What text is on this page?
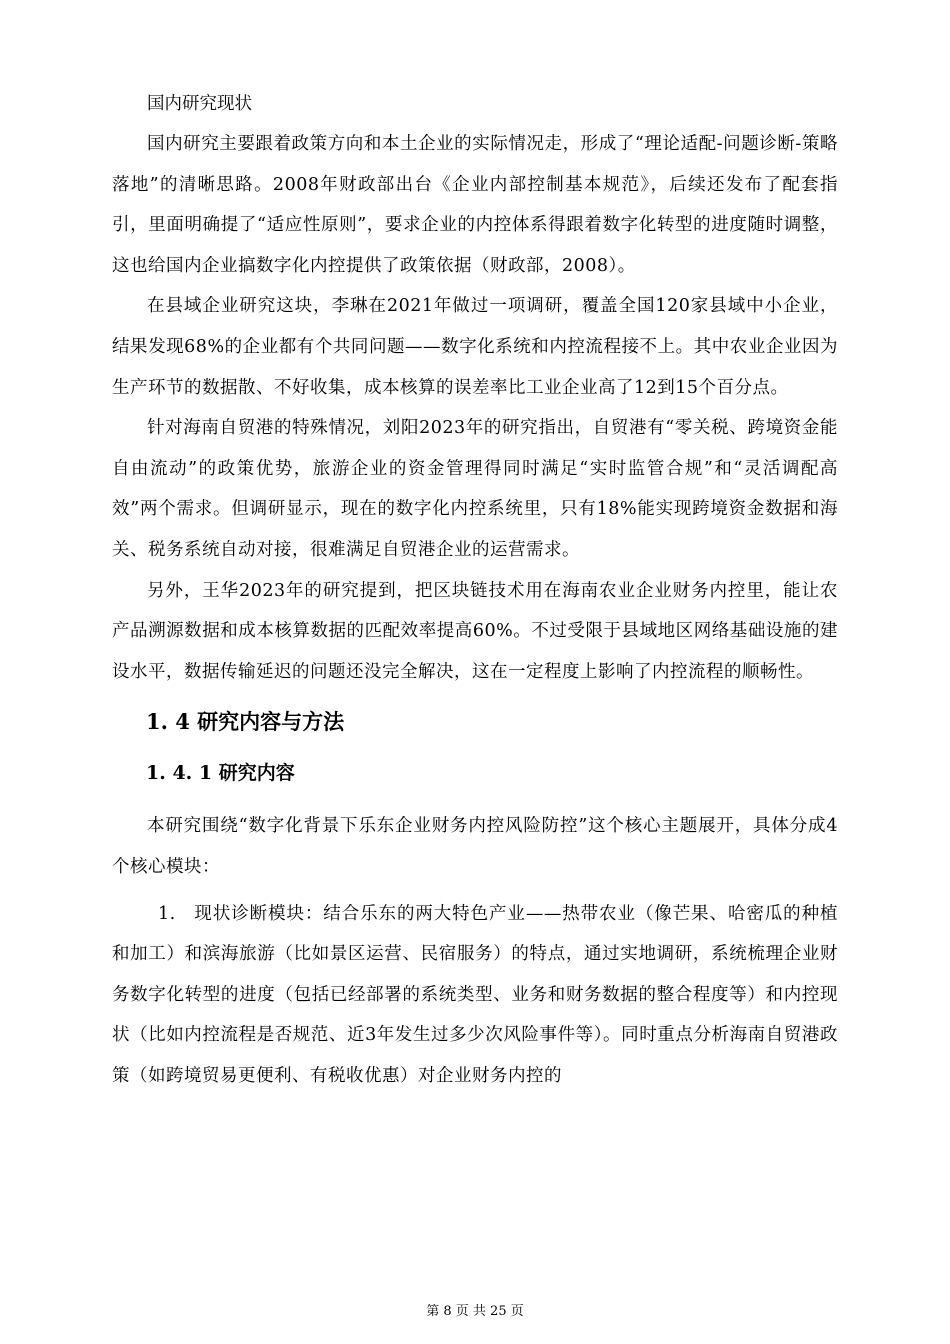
国内研究现状

国内研究主要跟着政策方向和本土企业的实际情况走，形成了“理论适配-问题诊断-策略落地”的清晰思路。2008年财政部出台《企业内部控制基本规范》，后续还发布了配套指引，里面明确提了“适应性原则”，要求企业的内控体系得跟着数字化转型的进度随时调整，这也给国内企业搞数字化内控提供了政策依据（财政部，2008）。

在县域企业研究这块，李琳在2021年做过一项调研，覆盖全国120家县域中小企业，结果发现68%的企业都有个共同问题——数字化系统和内控流程接不上。其中农业企业因为生产环节的数据散、不好收集，成本核算的误差率比工业企业高了12到15个百分点。

针对海南自贸港的特殊情况，刘阳2023年的研究指出，自贸港有“零关税、跨境资金能自由流动”的政策优势，旅游企业的资金管理得同时满足“实时监管合规”和“灵活调配高效”两个需求。但调研显示，现在的数字化内控系统里，只有18%能实现跨境资金数据和海关、税务系统自动对接，很难满足自贸港企业的运营需求。

另外，王华2023年的研究提到，把区块链技术用在海南农业企业财务内控里，能让农产品溯源数据和成本核算数据的匹配效率提高60%。不过受限于县域地区网络基础设施的建设水平，数据传输延迟的问题还没完全解决，这在一定程度上影响了内控流程的顺畅性。

1. 4 研究内容与方法
1. 4. 1 研究内容

本研究围绕“数字化背景下乐东企业财务内控风险防控”这个核心主题展开，具体分成4个核心模块：

1. 现状诊断模块：结合乐东的两大特色产业——热带农业（像芒果、哈密瓜的种植和加工）和滨海旅游（比如景区运营、民宿服务）的特点，通过实地调研，系统梳理企业财务数字化转型的进度（包括已经部署的系统类型、业务和财务数据的整合程度等）和内控现状（比如内控流程是否规范、近3年发生过多少次风险事件等）。同时重点分析海南自贸港政策（如跨境贸易更便利、有税收优惠）对企业财务内控的

第 8 页 共 25 页
